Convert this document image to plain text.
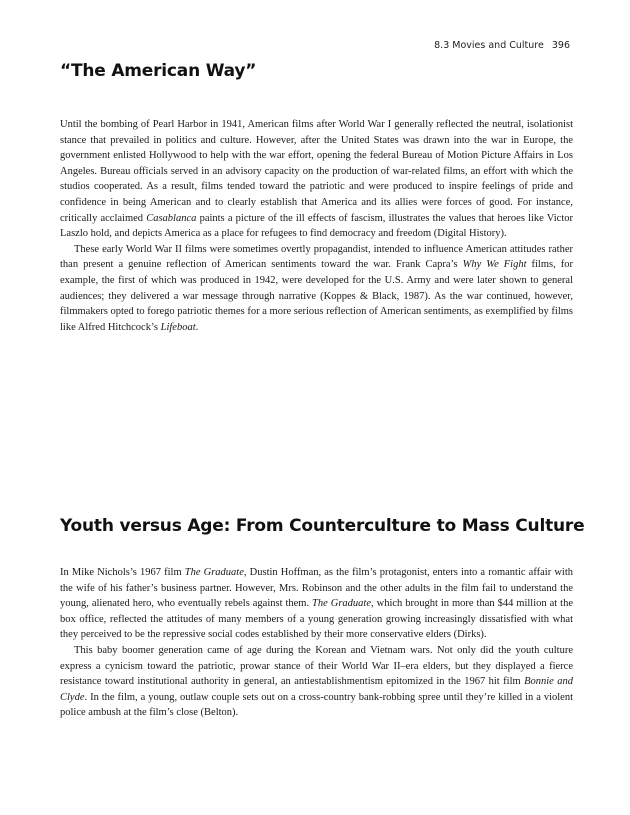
8.3 Movies and Culture 396
“The American Way”

Until the bombing of Pearl Harbor in 1941, American films after World War I generally reflected the neutral, isolationist stance that prevailed in politics and culture. However, after the United States was drawn into the war in Europe, the government enlisted Hollywood to help with the war effort, opening the federal Bureau of Motion Picture Affairs in Los Angeles. Bureau officials served in an advisory capacity on the production of war-related films, an effort with which the studios cooperated. As a result, films tended toward the patriotic and were produced to inspire feelings of pride and confidence in being American and to clearly establish that America and its allies were forces of good. For instance, critically acclaimed Casablanca paints a picture of the ill effects of fascism, illustrates the values that heroes like Victor Laszlo hold, and depicts America as a place for refugees to find democracy and freedom (Digital History).

These early World War II films were sometimes overtly propagandist, intended to influence American attitudes rather than present a genuine reflection of American sentiments toward the war. Frank Capra’s Why We Fight films, for example, the first of which was produced in 1942, were developed for the U.S. Army and were later shown to general audiences; they delivered a war message through narrative (Koppes & Black, 1987). As the war continued, however, filmmakers opted to forego patriotic themes for a more serious reflection of American sentiments, as exemplified by films like Alfred Hitchcock’s Lifeboat.

Youth versus Age: From Counterculture to Mass Culture

In Mike Nichols’s 1967 film The Graduate, Dustin Hoffman, as the film’s protagonist, enters into a romantic affair with the wife of his father’s business partner. However, Mrs. Robinson and the other adults in the film fail to understand the young, alienated hero, who eventually rebels against them. The Graduate, which brought in more than $44 million at the box office, reflected the attitudes of many members of a young generation growing increasingly dissatisfied with what they perceived to be the repressive social codes established by their more conservative elders (Dirks).

This baby boomer generation came of age during the Korean and Vietnam wars. Not only did the youth culture express a cynicism toward the patriotic, prowar stance of their World War II–era elders, but they displayed a fierce resistance toward institutional authority in general, an antiestablishmentism epitomized in the 1967 hit film Bonnie and Clyde. In the film, a young, outlaw couple sets out on a cross-country bank-robbing spree until they’re killed in a violent police ambush at the film’s close (Belton).
